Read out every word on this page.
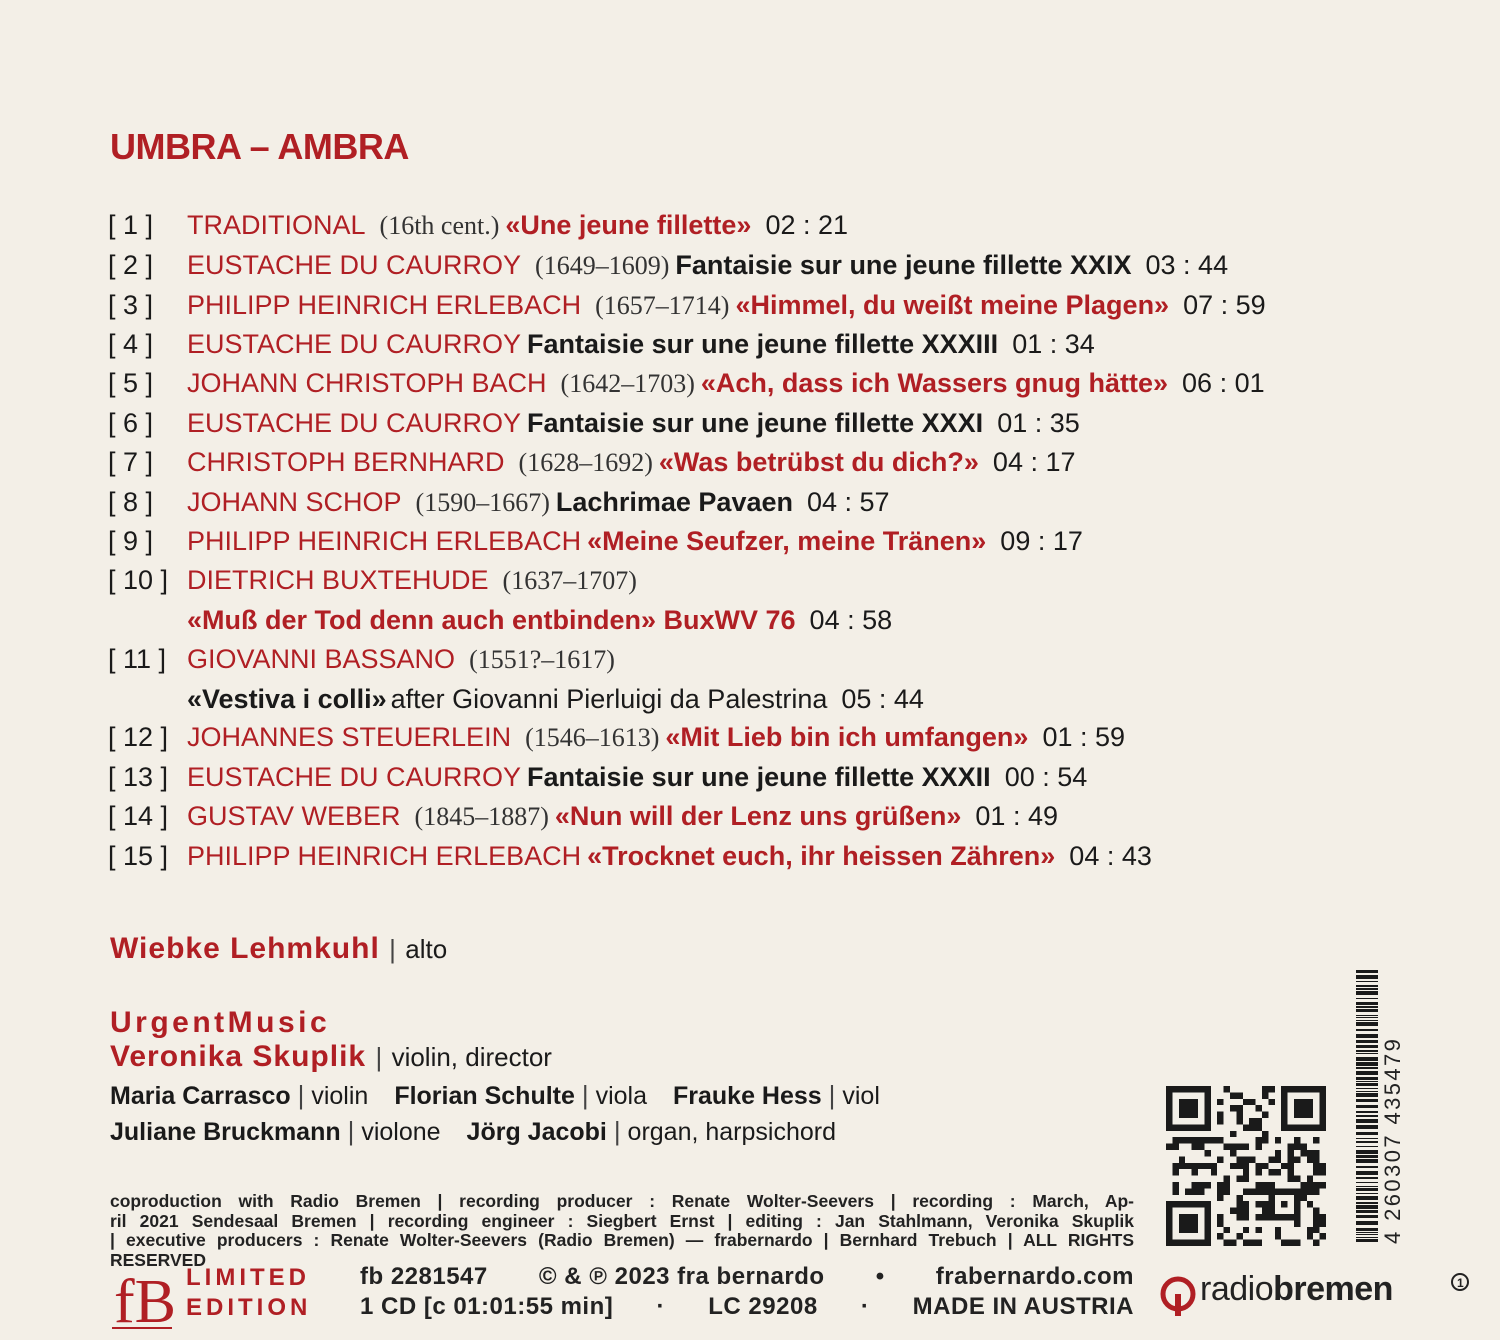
UMBRA – AMBRA
[ 1 ]	TRADITIONAL (16th cent.) «Une jeune fillette» 02 : 21
[ 2 ]	EUSTACHE DU CAURROY (1649–1609) Fantaisie sur une jeune fillette XXIX 03 : 44
[ 3 ]	PHILIPP HEINRICH ERLEBACH (1657–1714) «Himmel, du weißt meine Plagen» 07 : 59
[ 4 ]	EUSTACHE DU CAURROY Fantaisie sur une jeune fillette XXXIII 01 : 34
[ 5 ]	JOHANN CHRISTOPH BACH (1642–1703) «Ach, dass ich Wassers gnug hätte» 06 : 01
[ 6 ]	EUSTACHE DU CAURROY Fantaisie sur une jeune fillette XXXI 01 : 35
[ 7 ]	CHRISTOPH BERNHARD (1628–1692) «Was betrübst du dich?» 04 : 17
[ 8 ]	JOHANN SCHOP (1590–1667) Lachrimae Pavaen 04 : 57
[ 9 ]	PHILIPP HEINRICH ERLEBACH «Meine Seufzer, meine Tränen» 09 : 17
[ 10 ] DIETRICH BUXTEHUDE (1637–1707)
«Muß der Tod denn auch entbinden» BuxWV 76 04 : 58
[ 11 ] GIOVANNI BASSANO (1551?–1617)
«Vestiva i colli» after Giovanni Pierluigi da Palestrina 05 : 44
[ 12 ] JOHANNES STEUERLEIN (1546–1613) «Mit Lieb bin ich umfangen» 01 : 59
[ 13 ] EUSTACHE DU CAURROY Fantaisie sur une jeune fillette XXXII 00 : 54
[ 14 ] GUSTAV WEBER (1845–1887) «Nun will der Lenz uns grüßen» 01 : 49
[ 15 ] PHILIPP HEINRICH ERLEBACH «Trocknet euch, ihr heissen Zähren» 04 : 43
Wiebke Lehmkuhl | alto
UrgentMusic
Veronika Skuplik | violin, director
Maria Carrasco | violin Florian Schulte | viola Frauke Hess | viol
Juliane Bruckmann | violone Jörg Jacobi | organ, harpsichord
coproduction with Radio Bremen | recording producer : Renate Wolter-Seevers | recording : March, Ap-
ril 2021 Sendesaal Bremen | recording engineer : Siegbert Ernst | editing : Jan Stahlmann, Veronika Skuplik
| executive producers : Renate Wolter-Seevers (Radio Bremen) — frabernardo | Bernhard Trebuch | ALL RIGHTS RESERVED
fB LIMITED
EDITION
fb 2281547 © & ℗ 2023 fra bernardo • frabernardo.com
1 CD [c 01:01:55 min] · LC 29208 · MADE IN AUSTRIA
4 260307 435479
1
radiobremen
